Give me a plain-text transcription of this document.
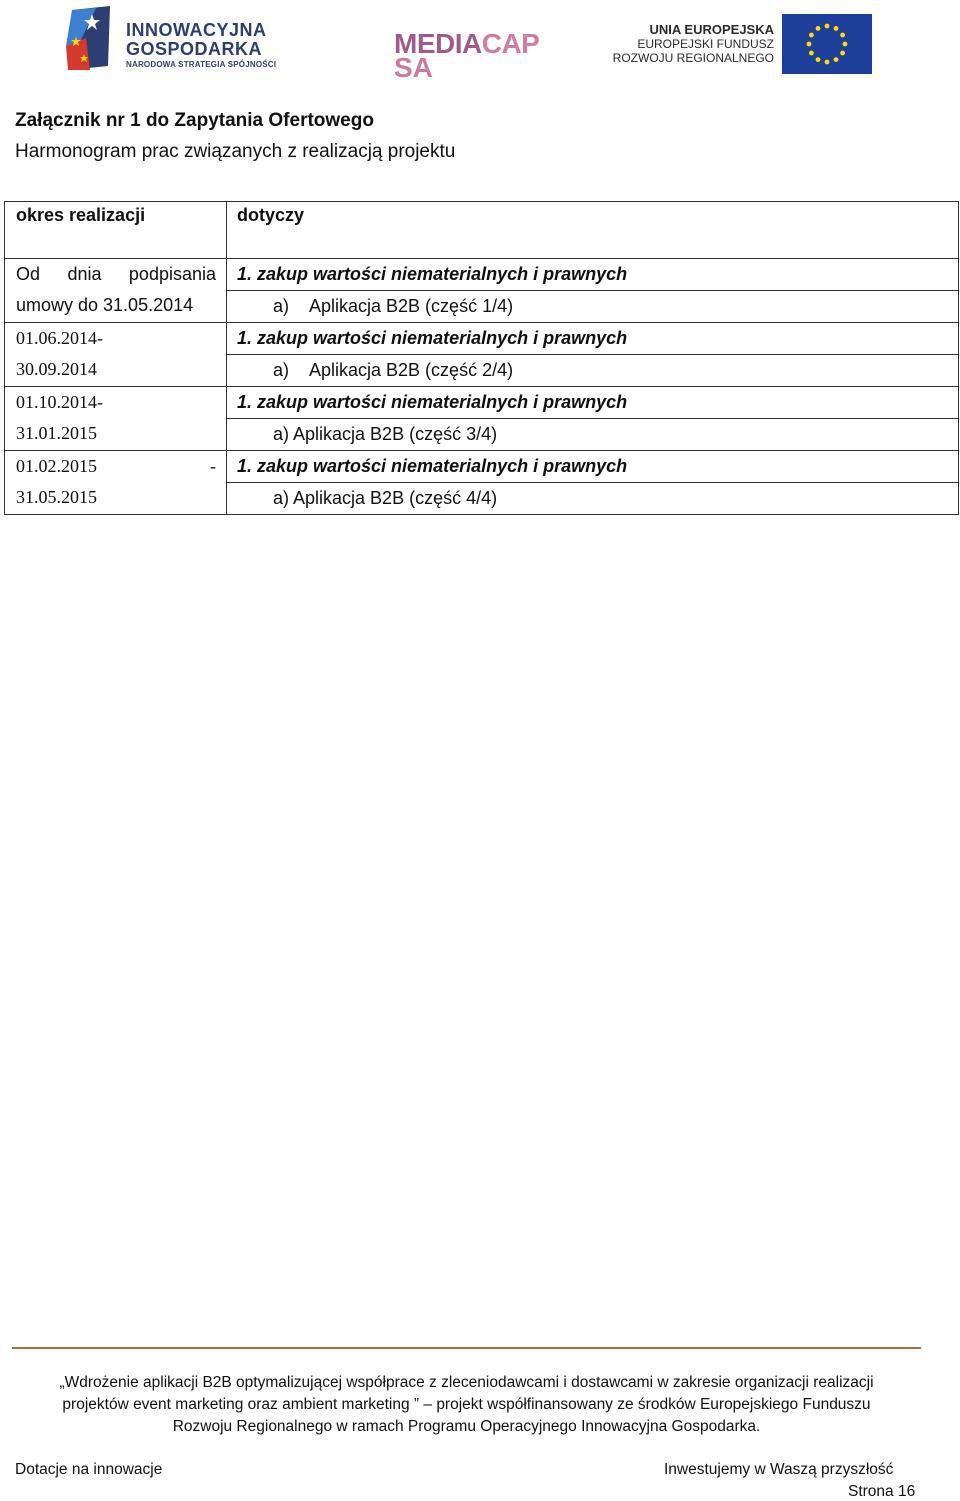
INNOWACYJNA
GOSPODARKA
NARODOWA STRATEGIA SPÓJNOŚCI
MEDIACAP
SA
UNIA EUROPEJSKA
EUROPEJSKI FUNDUSZ
ROZWOJU REGIONALNEGO
Załącznik nr 1 do Zapytania Ofertowego
Harmonogram prac związanych z realizacją projektu
okres realizacji	dotyczy

Od dnia podpisania
umowy do 31.05.2014	1. zakup wartości niematerialnych i prawnych

	a) Aplikacja B2B (część 1/4)

01.06.2014-
30.09.2014	1. zakup wartości niematerialnych i prawnych

	a) Aplikacja B2B (część 2/4)

01.10.2014-
31.01.2015	1. zakup wartości niematerialnych i prawnych

	a) Aplikacja B2B (część 3/4)

01.02.2015 -
31.05.2015	1. zakup wartości niematerialnych i prawnych

	a) Aplikacja B2B (część 4/4)
„Wdrożenie aplikacji B2B optymalizującej współprace z zleceniodawcami i dostawcami w zakresie organizacji realizacji
projektów event marketing oraz ambient marketing ” – projekt współfinansowany ze środków Europejskiego Funduszu
Rozwoju Regionalnego w ramach Programu Operacyjnego Innowacyjna Gospodarka.
Dotacje na innowacje	Inwestujemy w Waszą przyszłość
Strona 16
